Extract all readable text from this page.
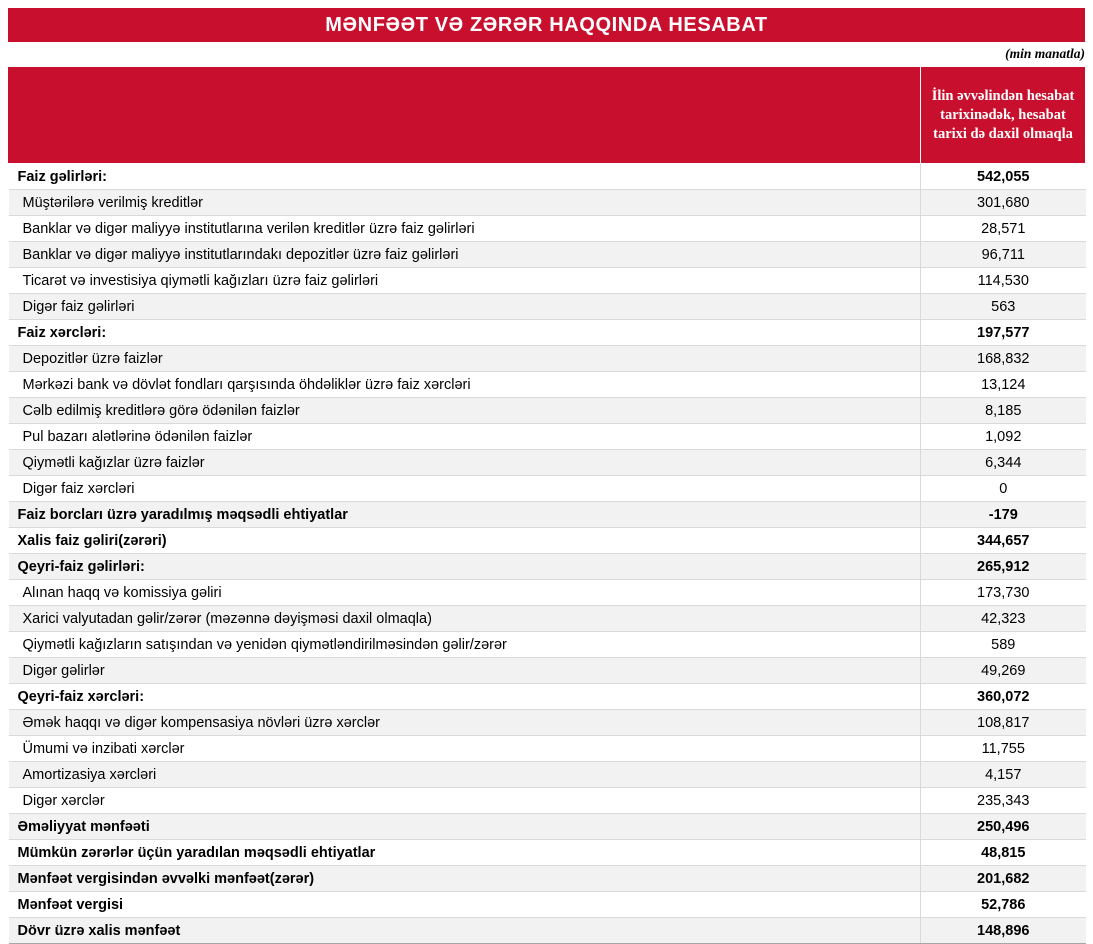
MƏNFƏƏT VƏ ZƏRƏR HAQQINDA HESABAT
(min manatla)
	İlin əvvəlindən hesabat tarixinədək, hesabat tarixi də daxil olmaqla
Faiz gəlirləri:	542,055
Müştərilərə verilmiş kreditlər	301,680
Banklar və digər maliyyə institutlarına verilən kreditlər üzrə faiz gəlirləri	28,571
Banklar və digər maliyyə institutlarındakı depozitlər üzrə faiz gəlirləri	96,711
Ticarət və investisiya qiymətli kağızları üzrə faiz gəlirləri	114,530
Digər faiz gəlirləri	563
Faiz xərcləri:	197,577
Depozitlər üzrə faizlər	168,832
Mərkəzi bank və dövlət fondları qarşısında öhdəliklər üzrə faiz xərcləri	13,124
Cəlb edilmiş kreditlərə görə ödənilən faizlər	8,185
Pul bazarı alətlərinə ödənilən faizlər	1,092
Qiymətli kağızlar üzrə faizlər	6,344
Digər faiz xərcləri	0
Faiz borcları üzrə yaradılmış məqsədli ehtiyatlar	-179
Xalis faiz gəliri(zərəri)	344,657
Qeyri-faiz gəlirləri:	265,912
Alınan haqq və komissiya gəliri	173,730
Xarici valyutadan gəlir/zərər (məzənnə dəyişməsi daxil olmaqla)	42,323
Qiymətli kağızların satışından və yenidən qiymətləndirilməsindən gəlir/zərər	589
Digər gəlirlər	49,269
Qeyri-faiz xərcləri:	360,072
Əmək haqqı və digər kompensasiya növləri üzrə xərclər	108,817
Ümumi və inzibati xərclər	11,755
Amortizasiya xərcləri	4,157
Digər xərclər	235,343
Əməliyyat mənfəəti	250,496
Mümkün zərərlər üçün yaradılan məqsədli ehtiyatlar	48,815
Mənfəət vergisindən əvvəlki mənfəət(zərər)	201,682
Mənfəət vergisi	52,786
Dövr üzrə xalis mənfəət	148,896
